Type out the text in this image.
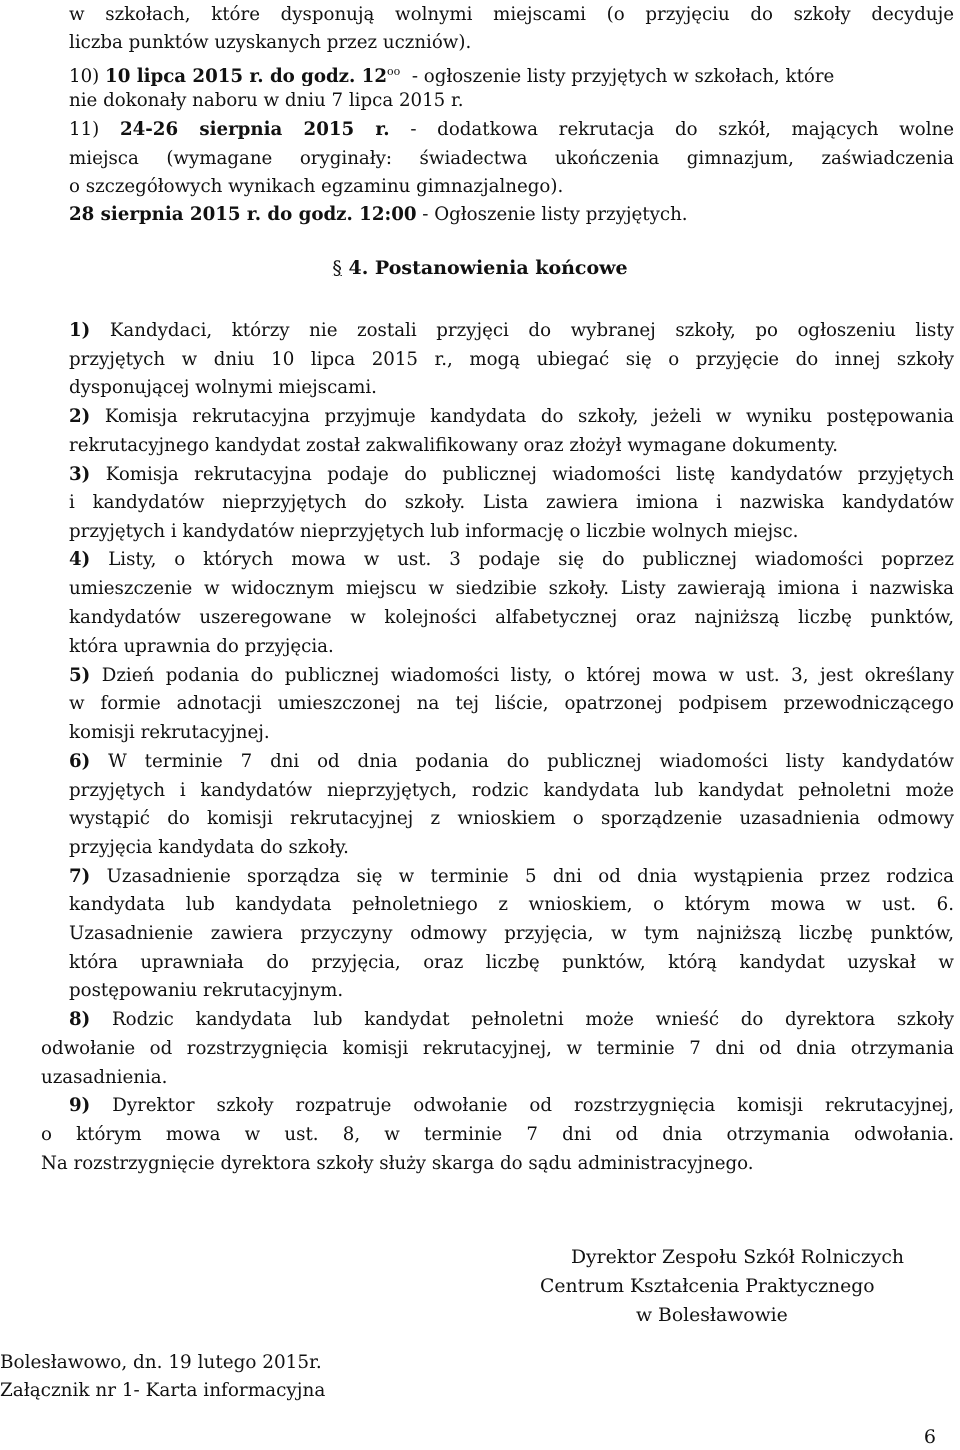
w szkołach, które dysponują wolnymi miejscami (o przyjęciu do szkoły decyduje
liczba punktów uzyskanych przez uczniów).
10) 10 lipca 2015 r. do godz. $12^{oo}$  - ogłoszenie listy przyjętych w szkołach, które
nie dokonały naboru w dniu 7 lipca 2015 r.
11) 24-26 sierpnia 2015 r. - dodatkowa rekrutacja do szkół, mających wolne
miejsca (wymagane oryginały: świadectwa ukończenia gimnazjum, zaświadczenia
o szczegółowych wynikach egzaminu gimnazjalnego).
28 sierpnia 2015 r. do godz. 12:00 - Ogłoszenie listy przyjętych.
§ 4. Postanowienia końcowe
1) Kandydaci, którzy nie zostali przyjęci do wybranej szkoły, po ogłoszeniu listy
przyjętych w dniu 10 lipca 2015 r., mogą ubiegać się o przyjęcie do innej szkoły
dysponującej wolnymi miejscami.
2) Komisja rekrutacyjna przyjmuje kandydata do szkoły, jeżeli w wyniku postępowania
rekrutacyjnego kandydat został zakwalifikowany oraz złożył wymagane dokumenty.
3) Komisja rekrutacyjna podaje do publicznej wiadomości listę kandydatów przyjętych
i kandydatów nieprzyjętych do szkoły. Lista zawiera imiona i nazwiska kandydatów
przyjętych i kandydatów nieprzyjętych lub informację o liczbie wolnych miejsc.
4) Listy, o których mowa w ust. 3 podaje się do publicznej wiadomości poprzez
umieszczenie w widocznym miejscu w siedzibie szkoły. Listy zawierają imiona i nazwiska
kandydatów uszeregowane w kolejności alfabetycznej oraz najniższą liczbę punktów,
która uprawnia do przyjęcia.
5) Dzień podania do publicznej wiadomości listy, o której mowa w ust. 3, jest określany
w formie adnotacji umieszczonej na tej liście, opatrzonej podpisem przewodniczącego
komisji rekrutacyjnej.
6) W terminie 7 dni od dnia podania do publicznej wiadomości listy kandydatów
przyjętych i kandydatów nieprzyjętych, rodzic kandydata lub kandydat pełnoletni może
wystąpić do komisji rekrutacyjnej z wnioskiem o sporządzenie uzasadnienia odmowy
przyjęcia kandydata do szkoły.
7) Uzasadnienie sporządza się w terminie 5 dni od dnia wystąpienia przez rodzica
kandydata lub kandydata pełnoletniego z wnioskiem, o którym mowa w ust. 6.
Uzasadnienie zawiera przyczyny odmowy przyjęcia, w tym najniższą liczbę punktów,
która uprawniała do przyjęcia, oraz liczbę punktów, którą kandydat uzyskał w
postępowaniu rekrutacyjnym.
8) Rodzic kandydata lub kandydat pełnoletni może wnieść do dyrektora szkoły
odwołanie od rozstrzygnięcia komisji rekrutacyjnej, w terminie 7 dni od dnia otrzymania
uzasadnienia.
9) Dyrektor szkoły rozpatruje odwołanie od rozstrzygnięcia komisji rekrutacyjnej,
o którym mowa w ust. 8, w terminie 7 dni od dnia otrzymania odwołania.
Na rozstrzygnięcie dyrektora szkoły służy skarga do sądu administracyjnego.
Dyrektor Zespołu Szkół Rolniczych
Centrum Kształcenia Praktycznego
w Bolesławowie
Bolesławowo, dn. 19 lutego 2015r.
Załącznik nr 1- Karta informacyjna
6
